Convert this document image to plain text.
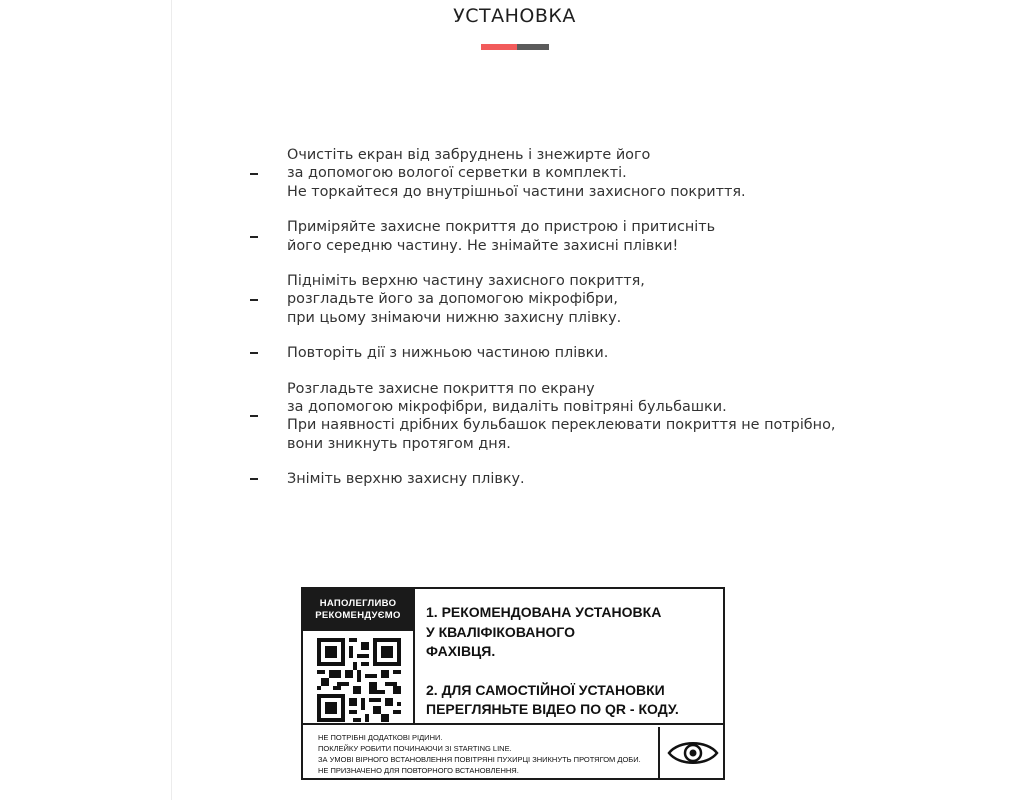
УСТАНОВКА
Очистіть екран від забруднень і знежирте його
за допомогою вологої серветки в комплекті.
Не торкайтеся до внутрішньої частини захисного покриття.
Приміряйте захисне покриття до пристрою і притисніть
його середню частину. Не знімайте захисні плівки!
Підніміть верхню частину захисного покриття,
розгладьте його за допомогою мікрофібри,
при цьому знімаючи нижню захисну плівку.
Повторіть дії з нижньою частиною плівки.
Розгладьте захисне покриття по екрану
за допомогою мікрофібри, видаліть повітряні бульбашки.
При наявності дрібних бульбашок переклеювати покриття не потрібно,
вони зникнуть протягом дня.
Зніміть верхню захисну плівку.
НАПОЛЕГЛИВО
РЕКОМЕНДУЄМО	1. РЕКОМЕНДОВАНА УСТАНОВКА
У КВАЛІФІКОВАНОГО
ФАХІВЦЯ.
2. ДЛЯ САМОСТІЙНОЇ УСТАНОВКИ
ПЕРЕГЛЯНЬТЕ ВІДЕО ПО QR - КОДУ.
НЕ ПОТРІБНІ ДОДАТКОВІ РІДИНИ.
ПОКЛЕЙКУ РОБИТИ ПОЧИНАЮЧИ ЗІ STARTING LINE.
ЗА УМОВІ ВІРНОГО ВСТАНОВЛЕННЯ ПОВІТРЯНІ ПУХИРЦІ ЗНИКНУТЬ ПРОТЯГОМ ДОБИ.
НЕ ПРИЗНАЧЕНО ДЛЯ ПОВТОРНОГО ВСТАНОВЛЕННЯ.
